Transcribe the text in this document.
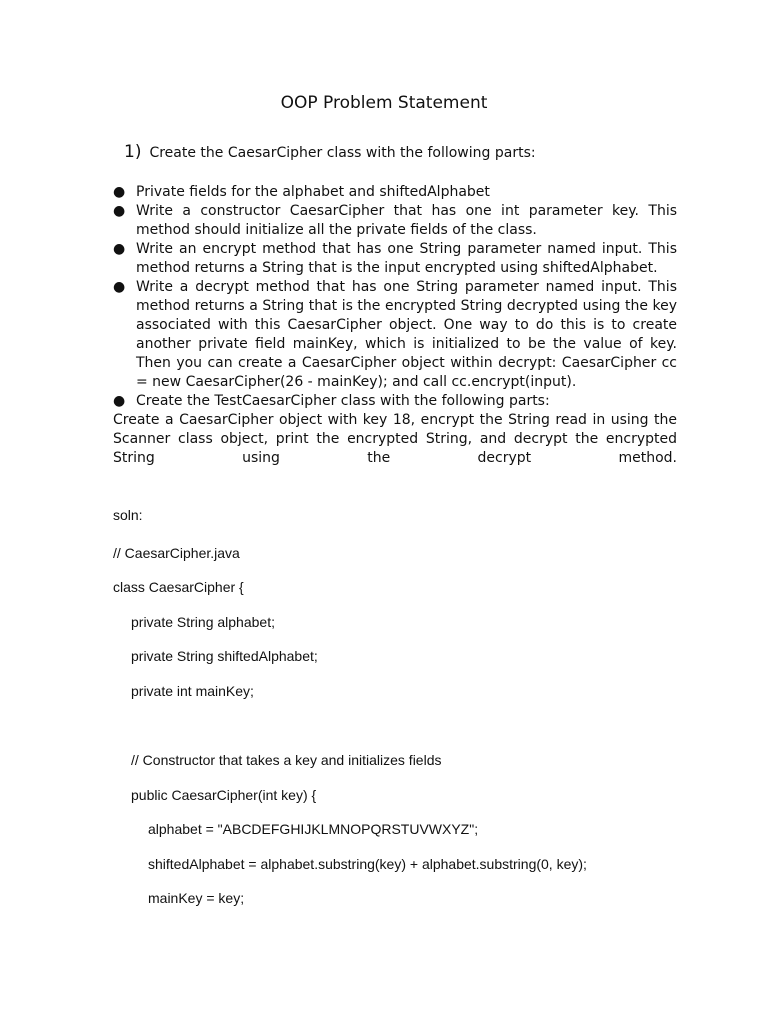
OOP Problem Statement
1) Create the CaesarCipher class with the following parts:
● Private fields for the alphabet and shiftedAlphabet
● Write a constructor CaesarCipher that has one int parameter key. This method should initialize all the private fields of the class.
● Write an encrypt method that has one String parameter named input. This method returns a String that is the input encrypted using shiftedAlphabet.
● Write a decrypt method that has one String parameter named input. This method returns a String that is the encrypted String decrypted using the key associated with this CaesarCipher object. One way to do this is to create another private field mainKey, which is initialized to be the value of key. Then you can create a CaesarCipher object within decrypt: CaesarCipher cc = new CaesarCipher(26 - mainKey); and call cc.encrypt(input).
● Create the TestCaesarCipher class with the following parts:

Create a CaesarCipher object with key 18, encrypt the String read in using the Scanner class object, print the encrypted String, and decrypt the encrypted String using the decrypt method.

soln:
// CaesarCipher.java
class CaesarCipher {
private String alphabet;
private String shiftedAlphabet;
private int mainKey;
// Constructor that takes a key and initializes fields
public CaesarCipher(int key) {
alphabet = "ABCDEFGHIJKLMNOPQRSTUVWXYZ";
shiftedAlphabet = alphabet.substring(key) + alphabet.substring(0, key);
mainKey = key;
